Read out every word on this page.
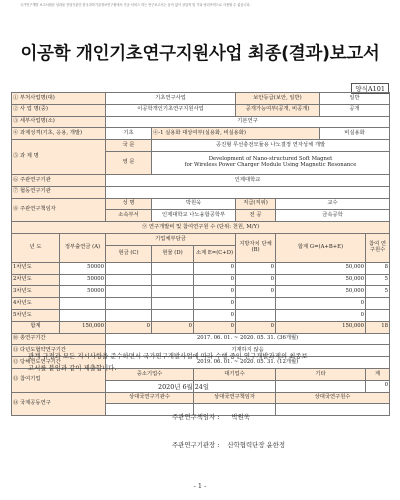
국가연구개발 보고서원문 성과물 전담기관인 한국과학기술정보연구원에서 가공·서비스 하는 연구보고서는 동의 없이 상업적 및 기타 영리목적으로 사용할 수 없습니다.
이공학 개인기초연구지원사업 최종(결과)보고서
양식A101
① 부처사업명(대)		기초연구사업			보안등급(보안, 일반)		일반	
② 사 업 명(중)		이공학개인기초연구지원사업			공개가능여부(공개, 비공개)		공개	
③ 세부사업명(소)		기본연구						
④ 과제성격(기초, 응용, 개발)		기초	④-1 실용화 대상여부(실용화, 비실용화)				비실용화	
⑤ 과 제 명		국 문	공진형 무선충전모듈용 나노결정 연자성체 개발					
		영 문	Development of Nano-structured Soft Magnet
for Wireless Power Charger Module Using Magnetic Resonance					

⑥ 주관연구기관		인제대학교						
⑦ 협동연구기관								
⑧ 주관연구책임자		성 명	박원욱		직급(직위)	교수		
		소속부서	인제대학교 나노융합공학부		전 공	금속공학		
⑨ 연구개발비 및 참여연구원 수 (단위: 천원, M/Y)								
년 도	정부출연금 (A)	기업체부담금			지방자치 단체 (B)	합계 G=(A+B+E)		참여 연구원수
		현금 (C)	현물 (D)	소계 E=(C+D)				
1차년도	50000			0	0	50,000		8
2차년도	50000			0	0	50,000		5
3차년도	50000			0	0	50,000		5
4차년도				0		0		
5차년도				0		0		
합계	150,000	0	0	0	0	150,000		18
⑩ 총연구기간		2017. 06. 01. ~ 2020. 05. 31. (36개월)						
⑪ 다년도협약연구기간		기재하지 않음						
⑫ 당해연도연구기간		2019. 06. 01. ~ 2020. 05. 31. (12개월)						
⑬ 참여기업		중소기업수		대기업수		기타		계
								0
⑭ 국제공동연구		상대국연구기관수		상대국연구책임자		상대국연구원수		

관계 규정과 모든 지시사항을 준수하면서 국가연구개발사업에 따라 수행 중인 연구개발과제의 최종보
고서를 붙임과 같이 제출합니다.
2020년 6월 24일
주관연구책임자 : 박원욱
주관연구기관장 : 산학협력단장 윤한정
- 1 -
